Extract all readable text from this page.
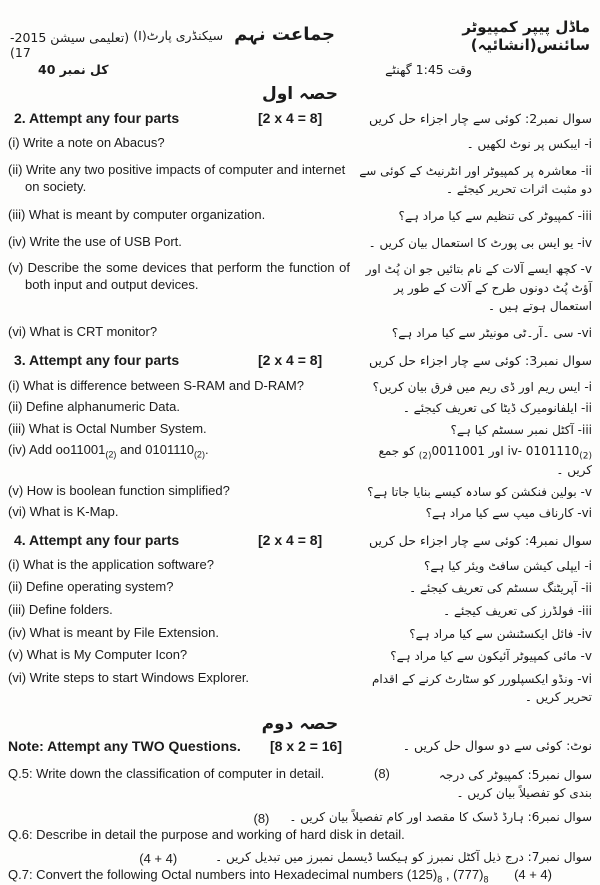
(تعلیمی سیشن 2015-17)
جماعت نہم سیکنڈری پارٹ(I)	ماڈل پیپر کمپیوٹر سائنس(انشائیہ)
کل نمبر 40	وقت 1:45 گھنٹے
حصہ اول
2. Attempt any four parts	[2 x 4 = 8]	سوال نمبر2: کوئی سے چار اجزاء حل کریں
(i) Write a note on Abacus?	i- ایبکس پر نوٹ لکھیں ۔
(ii) Write any two positive impacts of computer and internet on society.
ii- معاشرہ پر کمپیوٹر اور انٹرنیٹ کے کوئی سے دو مثبت اثرات تحریر کیجئے ۔
(iii) What is meant by computer organization.	iii- کمپیوٹر کی تنظیم سے کیا مراد ہے؟
(iv) Write the use of USB Port.	iv- یو ایس بی پورٹ کا استعمال بیان کریں ۔
(v) Describe the some devices that perform the function of both input and output devices.
v- کچھ ایسے آلات کے نام بتائیں جو ان پُٹ اور آؤٹ پُٹ دونوں طرح کے آلات کے طور پر استعمال ہوتے ہیں ۔
(vi) What is CRT monitor?	vi- سی ۔آر۔ٹی مونیٹر سے کیا مراد ہے؟
3. Attempt any four parts	[2 x 4 = 8]	سوال نمبر3: کوئی سے چار اجزاء حل کریں
(i) What is difference between S-RAM and D-RAM?	i- ایس ریم اور ڈی ریم میں فرق بیان کریں؟
(ii) Define alphanumeric Data.	ii- ایلفانومیرک ڈیٹا کی تعریف کیجئے ۔
(iii) What is Octal Number System.	iii- آکٹل نمبر سسٹم کیا ہے؟
(iv) Add $oo11001_{(2)}$ and $0101110_{(2)}$.	iv- $0101110_{(2)}$ اور $0011001_{(2)}$ کو جمع کریں ۔
(v) How is boolean function simplified?	v- بولین فنکشن کو سادہ کیسے بنایا جاتا ہے؟
(vi) What is K-Map.	vi- کارناف میپ سے کیا مراد ہے؟
4. Attempt any four parts	[2 x 4 = 8]	سوال نمبر4: کوئی سے چار اجزاء حل کریں
(i) What is the application software?	i- ایپلی کیشن سافٹ ویئر کیا ہے؟
(ii) Define operating system?	ii- آپریٹنگ سسٹم کی تعریف کیجئے ۔
(iii) Define folders.	iii- فولڈرز کی تعریف کیجئے ۔
(iv) What is meant by File Extension.	iv- فائل ایکسٹنشن سے کیا مراد ہے؟
(v) What is My Computer Icon?	v- مائی کمپیوٹر آئیکون سے کیا مراد ہے؟
(vi) Write steps to start Windows Explorer.	vi- ونڈو ایکسپلورر کو سٹارٹ کرنے کے اقدام تحریر کریں ۔
حصہ دوم
Note: Attempt any TWO Questions.	[8 x 2 = 16]	نوٹ: کوئی سے دو سوال حل کریں ۔
Q.5: Write down the classification of computer in detail.	(8)	سوال نمبر5: کمپیوٹر کی درجہ بندی کو تفصیلاً بیان کریں ۔
(8) سوال نمبر6: ہارڈ ڈسک کا مقصد اور کام تفصیلاً بیان کریں ۔
Q.6: Describe in detail the purpose and working of hard disk in detail.
(4 + 4)	سوال نمبر7: درج ذیل آکٹل نمبرز کو ہیکسا ڈیسمل نمبرز میں تبدیل کریں ۔
Q.7: Convert the following Octal numbers into Hexadecimal numbers $(125)_8$ , $(777)_8$ (4 + 4)
